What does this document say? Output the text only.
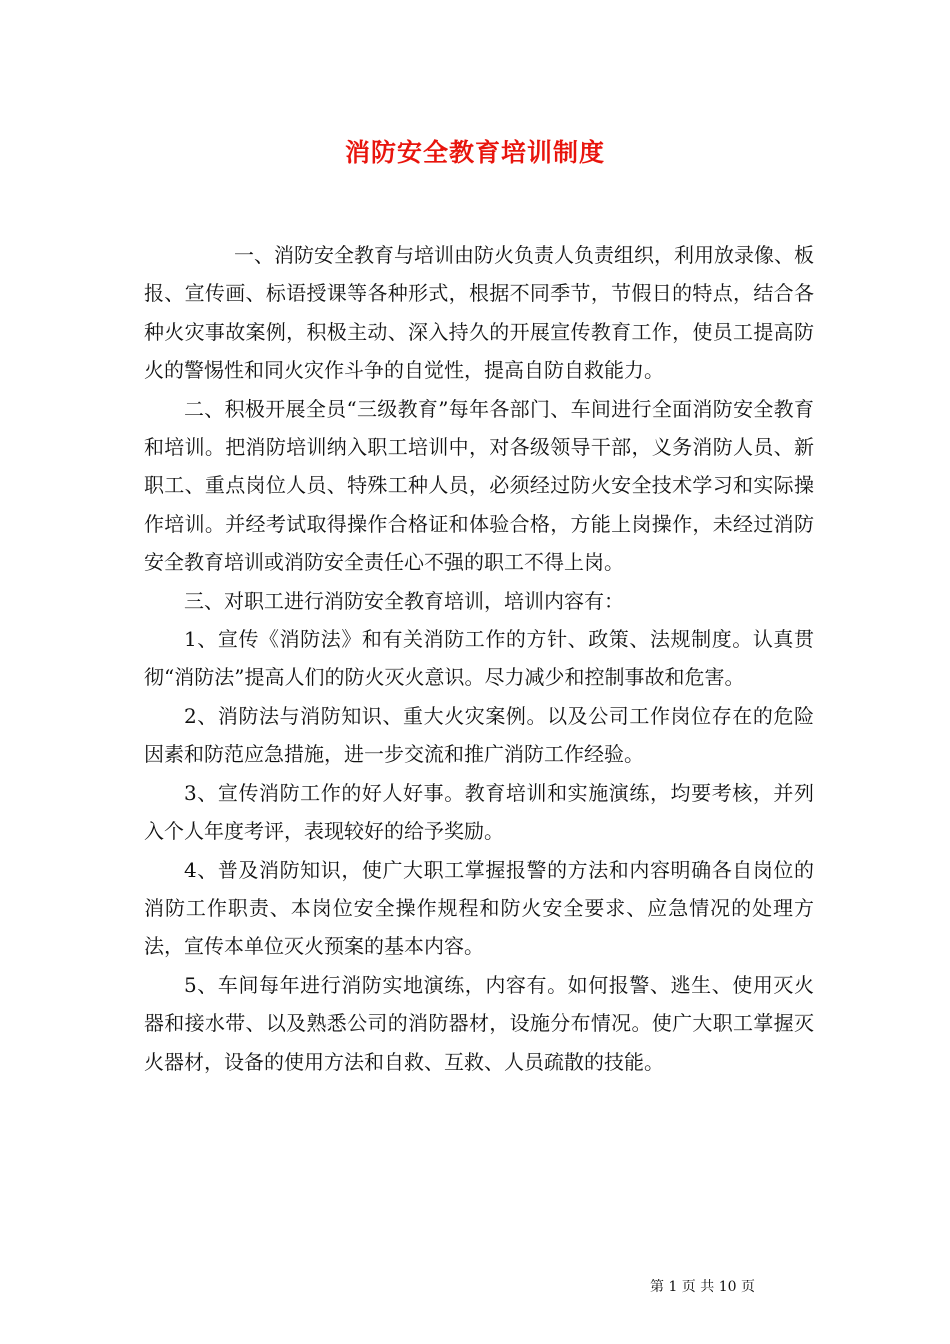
消防安全教育培训制度

一、消防安全教育与培训由防火负责人负责组织，利用放录像、板报、宣传画、标语授课等各种形式，根据不同季节，节假日的特点，结合各种火灾事故案例，积极主动、深入持久的开展宣传教育工作，使员工提高防火的警惕性和同火灾作斗争的自觉性，提高自防自救能力。

二、积极开展全员“三级教育”每年各部门、车间进行全面消防安全教育和培训。把消防培训纳入职工培训中，对各级领导干部，义务消防人员、新职工、重点岗位人员、特殊工种人员，必须经过防火安全技术学习和实际操作培训。并经考试取得操作合格证和体验合格，方能上岗操作，未经过消防安全教育培训或消防安全责任心不强的职工不得上岗。

三、对职工进行消防安全教育培训，培训内容有：

1、宣传《消防法》和有关消防工作的方针、政策、法规制度。认真贯彻“消防法”提高人们的防火灭火意识。尽力减少和控制事故和危害。

2、消防法与消防知识、重大火灾案例。以及公司工作岗位存在的危险因素和防范应急措施，进一步交流和推广消防工作经验。

3、宣传消防工作的好人好事。教育培训和实施演练，均要考核，并列入个人年度考评，表现较好的给予奖励。

4、普及消防知识，使广大职工掌握报警的方法和内容明确各自岗位的消防工作职责、本岗位安全操作规程和防火安全要求、应急情况的处理方法，宣传本单位灭火预案的基本内容。

5、车间每年进行消防实地演练，内容有。如何报警、逃生、使用灭火器和接水带、以及熟悉公司的消防器材，设施分布情况。使广大职工掌握灭火器材，设备的使用方法和自救、互救、人员疏散的技能。

第 1 页 共 10 页
